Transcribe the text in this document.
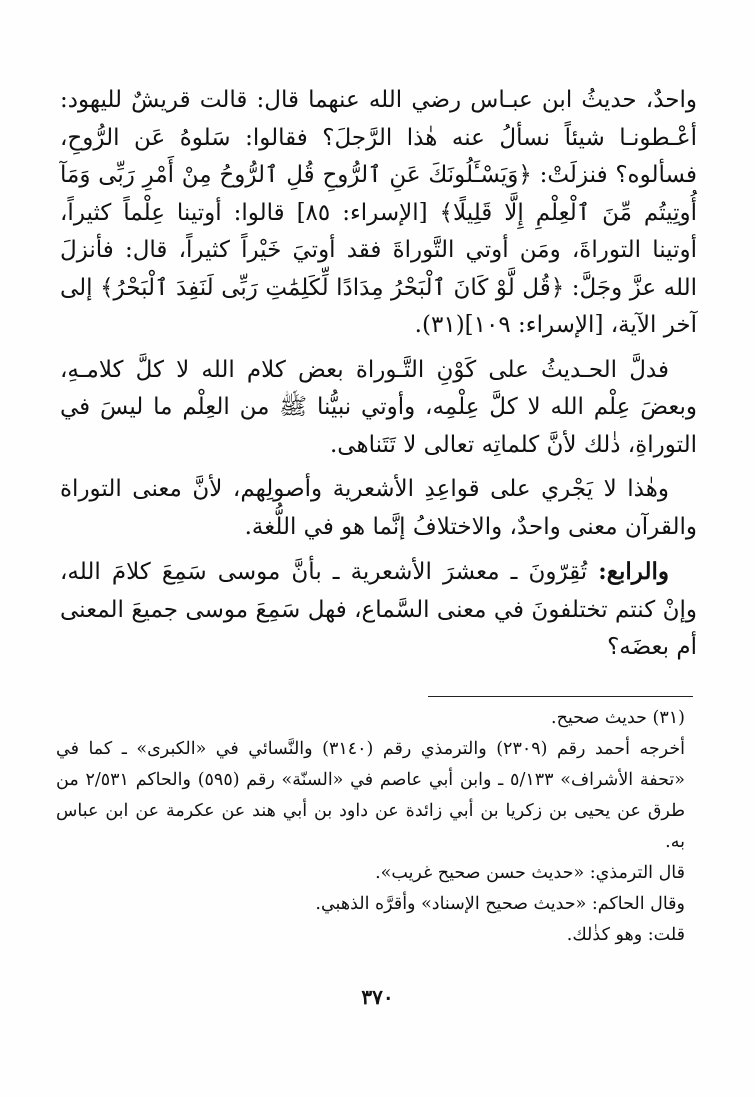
واحدٌ، حديثُ ابن عبـاس رضي الله عنهما قال: قالت قريشٌ لليهود: أعْـطونـا شيئاً نسألُ عنه هٰذا الرَّجلَ؟ فقالوا: سَلوهُ عَن الرُّوحِ، فسألوه؟ فنزلَتْ: ﴿وَيَسْـَٔلُونَكَ عَنِ ٱلرُّوحِ قُلِ ٱلرُّوحُ مِنْ أَمْرِ رَبِّى وَمَآ أُوتِيتُم مِّنَ ٱلْعِلْمِ إِلَّا قَلِيلًا﴾ [الإسراء: ٨٥] قالوا: أوتينا عِلْماً كثيراً، أوتينا التوراةَ، ومَن أوتي التَّوراةَ فقد أوتيَ خَيْراً كثيراً، قال: فأنزلَ الله عزَّ وجَلَّ: ﴿قُل لَّوْ كَانَ ٱلْبَحْرُ مِدَادًا لِّكَلِمَٰتِ رَبِّى لَنَفِدَ ٱلْبَحْرُ﴾ إلى آخر الآية، [الإسراء: ١٠٩](٣١).

فدلَّ الحـديثُ على كَوْنِ التَّـوراة بعض كلام الله لا كلَّ كلامـهِ، وبعضَ عِلْم الله لا كلَّ عِلْمِه، وأوتي نبيُّنا ﷺ من العِلْم ما ليسَ في التوراةِ، ذٰلك لأنَّ كلماتِه تعالى لا تَتَناهى.

وهٰذا لا يَجْري على قواعِدِ الأشعرية وأصولِهم، لأنَّ معنى التوراة والقرآن معنى واحدٌ، والاختلافُ إنَّما هو في اللُّغة.

والرابع: تُقِرّونَ ـ معشرَ الأشعرية ـ بأنَّ موسى سَمِعَ كلامَ الله، وإنْ كنتم تختلفونَ في معنى السَّماع، فهل سَمِعَ موسى جميعَ المعنى أم بعضَه؟

(٣١) حديث صحيح.

أخرجه أحمد رقم (٢٣٠٩) والترمذي رقم (٣١٤٠) والنَّسائي في «الكبرى» ـ كما في «تحفة الأشراف» ٥/١٣٣ ـ وابن أبي عاصم في «السنّة» رقم (٥٩٥) والحاكم ٢/٥٣١ من طرق عن يحيى بن زكريا بن أبي زائدة عن داود بن أبي هند عن عكرمة عن ابن عباس به.

قال الترمذي: «حديث حسن صحيح غريب».

وقال الحاكم: «حديث صحيح الإسناد» وأقرَّه الذهبي.

قلت: وهو كذٰلك.

٣٧٠
